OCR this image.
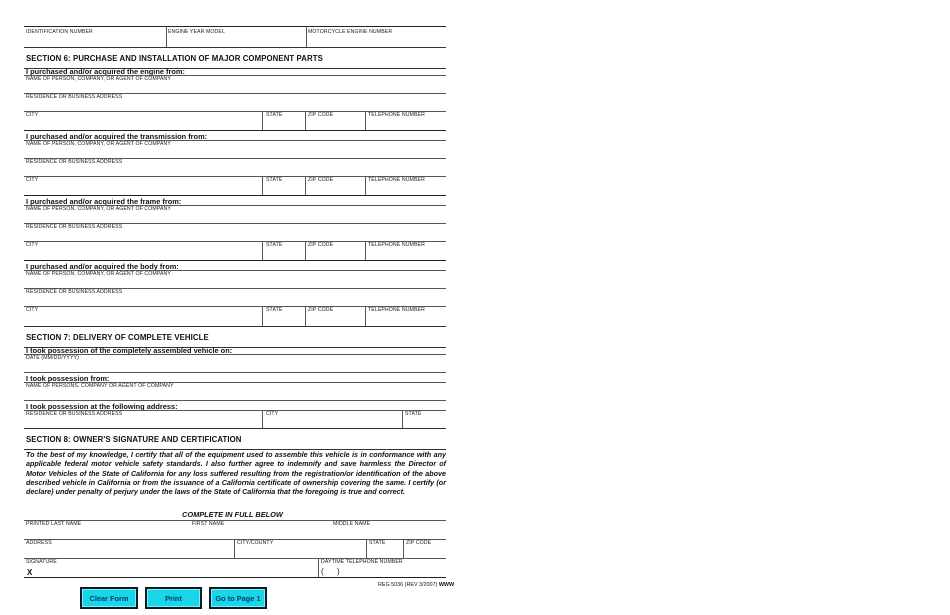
IDENTIFICATION NUMBER	ENGINE YEAR MODEL	MOTORCYCLE ENGINE NUMBER
SECTION 6: PURCHASE AND INSTALLATION OF MAJOR COMPONENT PARTS
I purchased and/or acquired the engine from:
NAME OF PERSON, COMPANY, OR AGENT OF COMPANY
RESIDENCE OR BUSINESS ADDRESS
CITY	STATE	ZIP CODE	TELEPHONE NUMBER
I purchased and/or acquired the transmission from:
NAME OF PERSON, COMPANY, OR AGENT OF COMPANY
RESIDENCE OR BUSINESS ADDRESS
CITY	STATE	ZIP CODE	TELEPHONE NUMBER
I purchased and/or acquired the frame from:
NAME OF PERSON, COMPANY, OR AGENT OF COMPANY
RESIDENCE OR BUSINESS ADDRESS
CITY	STATE	ZIP CODE	TELEPHONE NUMBER
I purchased and/or acquired the body from:
NAME OF PERSON, COMPANY, OR AGENT OF COMPANY
RESIDENCE OR BUSINESS ADDRESS
CITY	STATE	ZIP CODE	TELEPHONE NUMBER
SECTION 7: DELIVERY OF COMPLETE VEHICLE
I took possession of the completely assembled vehicle on:
DATE (MM/DD/YYYY)
I took possession from:
NAME OF PERSONS, COMPANY OR AGENT OF COMPANY
I took possession at the following address:
RESIDENCE OR BUSINESS ADDRESS	CITY	STATE
SECTION 8: OWNER'S SIGNATURE AND CERTIFICATION
To the best of my knowledge, I certify that all of the equipment used to assemble this vehicle is in conformance with any applicable federal motor vehicle safety standards. I also further agree to indemnify and save harmless the Director of Motor Vehicles of the State of California for any loss suffered resulting from the registration/or identification of the above described vehicle in California or from the issuance of a California certificate of ownership covering the same. I certify (or declare) under penalty of perjury under the laws of the State of California that the foregoing is true and correct.
COMPLETE IN FULL BELOW
PRINTED LAST NAME	FIRST NAME	MIDDLE NAME
ADDRESS	CITY/COUNTY	STATE	ZIP CODE
SIGNATURE
X
DAYTIME TELEPHONE NUMBER
(      )
REG 5036 (REV 3/2007) WWW
Clear Form	Print	Go to Page 1
